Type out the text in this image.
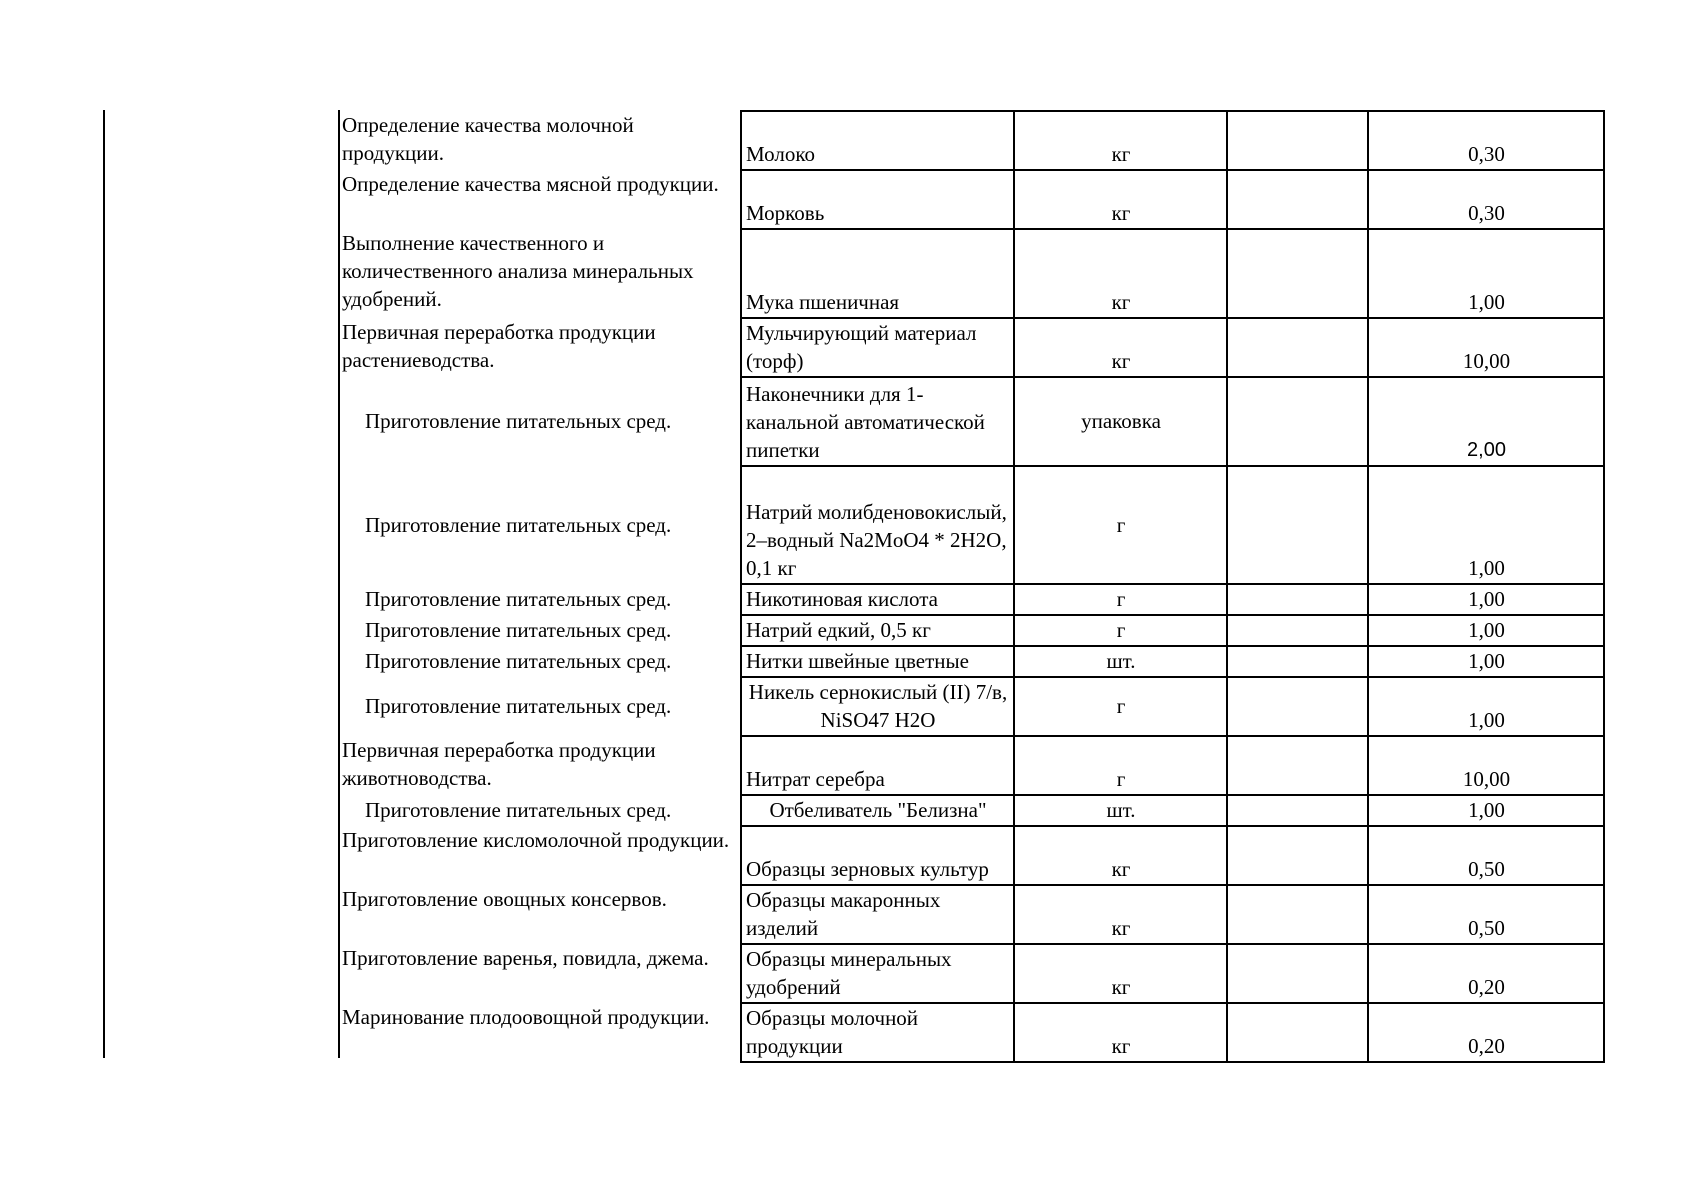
Определение качества молочной продукции.	Молоко	кг		0,30
Определение качества мясной продукции.	Морковь	кг		0,30
Выполнение качественного и количественного анализа минеральных удобрений.	Мука пшеничная	кг		1,00
Первичная переработка продукции растениеводства.	Мульчирующий материал (торф)	кг		10,00
Приготовление питательных сред.	Наконечники для 1-канальной автоматической пипетки	упаковка		2,00
Приготовление питательных сред.	Натрий молибденовокислый, 2–водный Na2MoO4 * 2H2O, 0,1 кг	г		1,00
Приготовление питательных сред.	Никотиновая кислота	г		1,00
Приготовление питательных сред.	Натрий едкий, 0,5 кг	г		1,00
Приготовление питательных сред.	Нитки швейные цветные	шт.		1,00
Приготовление питательных сред.	Никель сернокислый (II) 7/в, NiSO47 H2O	г		1,00
Первичная переработка продукции животноводства.	Нитрат серебра	г		10,00
Приготовление питательных сред.	Отбеливатель "Белизна"	шт.		1,00
Приготовление кисломолочной продукции.	Образцы зерновых культур	кг		0,50
Приготовление овощных консервов.	Образцы макаронных изделий	кг		0,50
Приготовление варенья, повидла, джема.	Образцы минеральных удобрений	кг		0,20
Маринование плодоовощной продукции.	Образцы молочной продукции	кг		0,20
